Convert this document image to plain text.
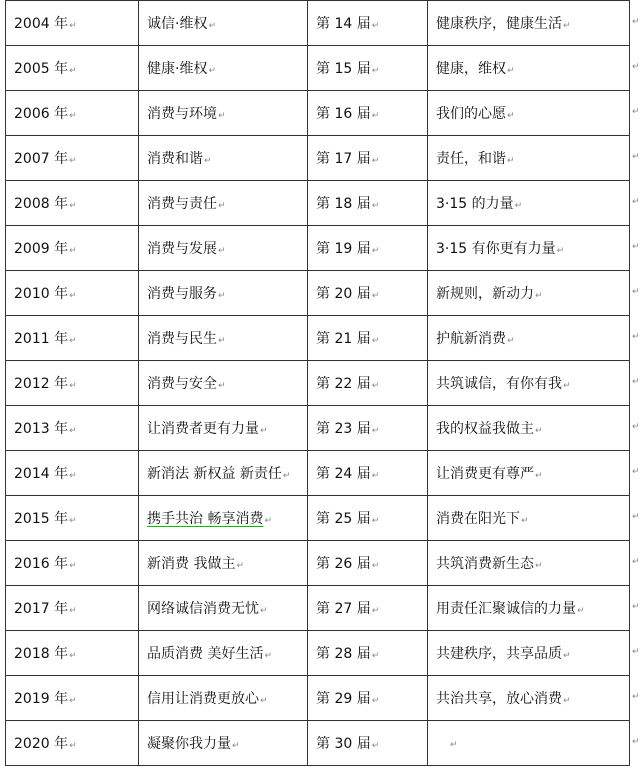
2004 年↵	诚信·维权↵	第 14 届↵	健康秩序，健康生活↵
2005 年↵	健康·维权↵	第 15 届↵	健康，维权↵
2006 年↵	消费与环境↵	第 16 届↵	我们的心愿↵
2007 年↵	消费和谐↵	第 17 届↵	责任，和谐↵
2008 年↵	消费与责任↵	第 18 届↵	3·15 的力量↵
2009 年↵	消费与发展↵	第 19 届↵	3·15 有你更有力量↵
2010 年↵	消费与服务↵	第 20 届↵	新规则，新动力↵
2011 年↵	消费与民生↵	第 21 届↵	护航新消费↵
2012 年↵	消费与安全↵	第 22 届↵	共筑诚信，有你有我↵
2013 年↵	让消费者更有力量↵	第 23 届↵	我的权益我做主↵
2014 年↵	新消法 新权益 新责任↵	第 24 届↵	让消费更有尊严↵
2015 年↵	携手共治 畅享消费↵	第 25 届↵	消费在阳光下↵
2016 年↵	新消费 我做主↵	第 26 届↵	共筑消费新生态↵
2017 年↵	网络诚信消费无忧↵	第 27 届↵	用责任汇聚诚信的力量↵
2018 年↵	品质消费 美好生活↵	第 28 届↵	共建秩序，共享品质↵
2019 年↵	信用让消费更放心↵	第 29 届↵	共治共享，放心消费↵
2020 年↵	凝聚你我力量↵	第 30 届↵	↵
↵
↵
↵
↵
↵
↵
↵
↵
↵
↵
↵
↵
↵
↵
↵
↵
↵
